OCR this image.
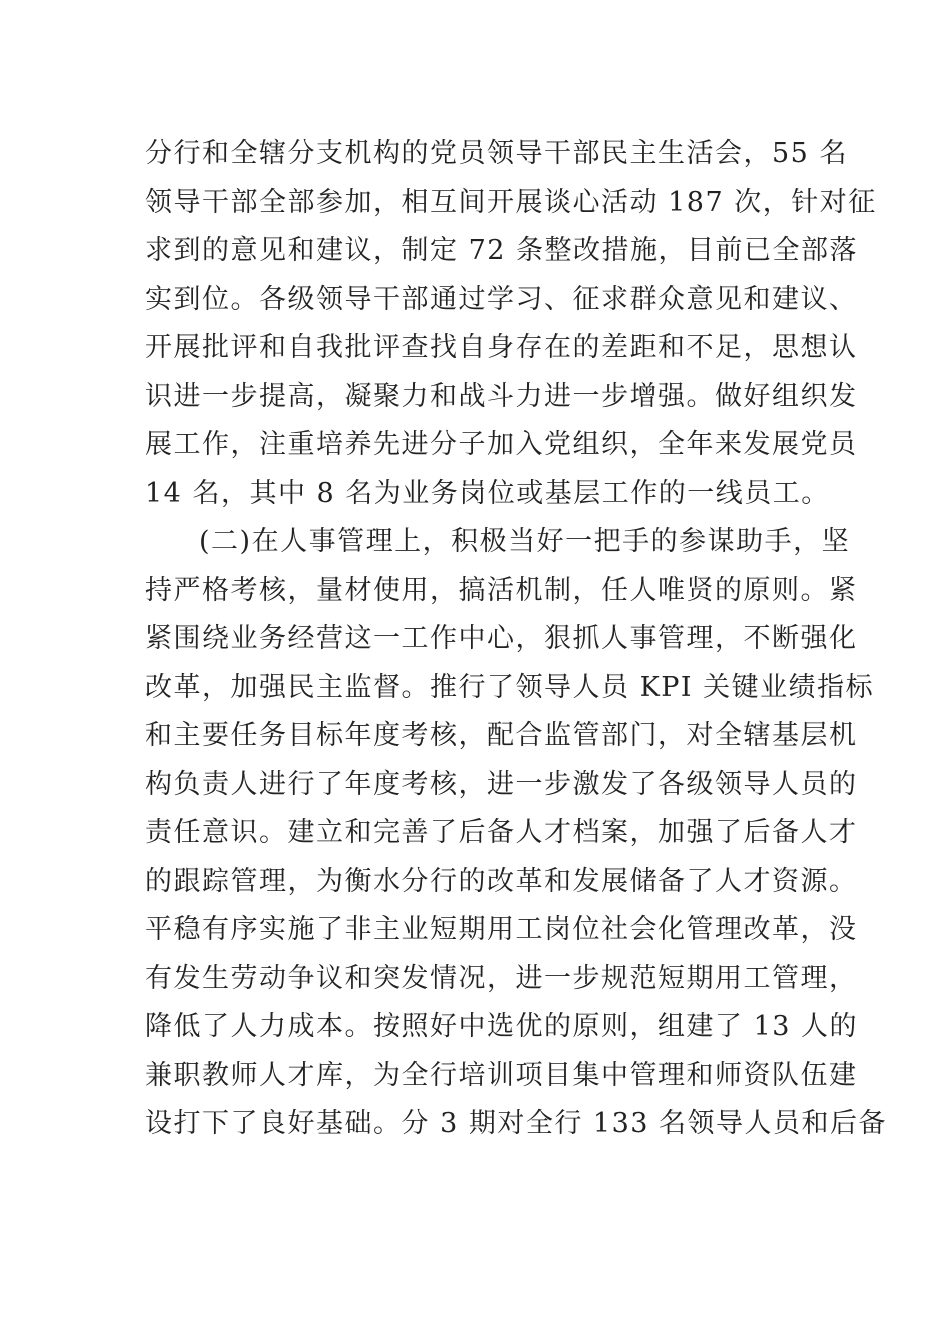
分行和全辖分支机构的党员领导干部民主生活会，55 名
领导干部全部参加，相互间开展谈心活动 187 次，针对征
求到的意见和建议，制定 72 条整改措施，目前已全部落
实到位。各级领导干部通过学习、征求群众意见和建议、
开展批评和自我批评查找自身存在的差距和不足，思想认
识进一步提高，凝聚力和战斗力进一步增强。做好组织发
展工作，注重培养先进分子加入党组织，全年来发展党员
14 名，其中 8 名为业务岗位或基层工作的一线员工。
(二)在人事管理上，积极当好一把手的参谋助手，坚
持严格考核，量材使用，搞活机制，任人唯贤的原则。紧
紧围绕业务经营这一工作中心，狠抓人事管理，不断强化
改革，加强民主监督。推行了领导人员 KPI 关键业绩指标
和主要任务目标年度考核，配合监管部门，对全辖基层机
构负责人进行了年度考核，进一步激发了各级领导人员的
责任意识。建立和完善了后备人才档案，加强了后备人才
的跟踪管理，为衡水分行的改革和发展储备了人才资源。
平稳有序实施了非主业短期用工岗位社会化管理改革，没
有发生劳动争议和突发情况，进一步规范短期用工管理，
降低了人力成本。按照好中选优的原则，组建了 13 人的
兼职教师人才库，为全行培训项目集中管理和师资队伍建
设打下了良好基础。分 3 期对全行 133 名领导人员和后备
